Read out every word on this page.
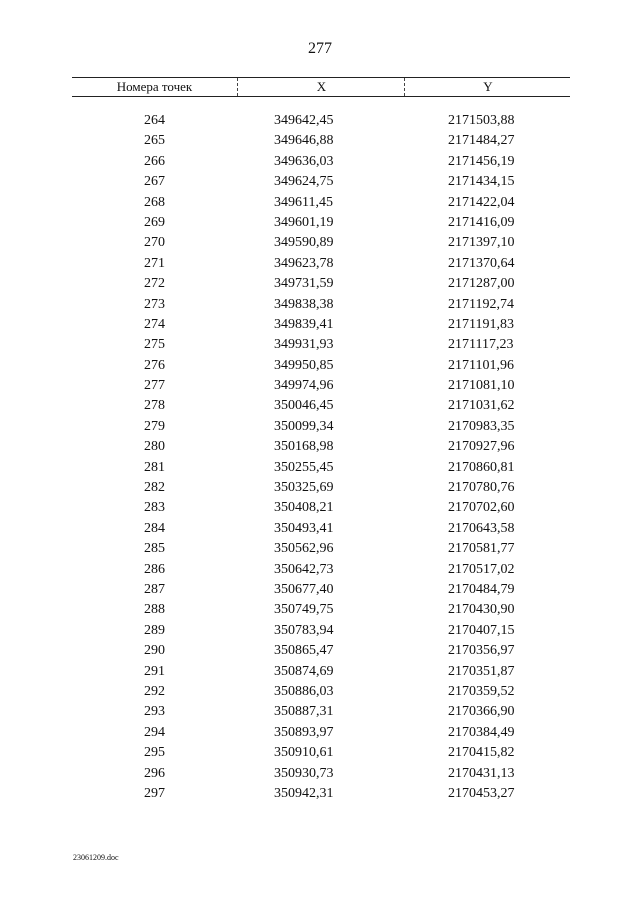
277
Номера точек	X	Y
264	349642,45	2171503,88
265	349646,88	2171484,27
266	349636,03	2171456,19
267	349624,75	2171434,15
268	349611,45	2171422,04
269	349601,19	2171416,09
270	349590,89	2171397,10
271	349623,78	2171370,64
272	349731,59	2171287,00
273	349838,38	2171192,74
274	349839,41	2171191,83
275	349931,93	2171117,23
276	349950,85	2171101,96
277	349974,96	2171081,10
278	350046,45	2171031,62
279	350099,34	2170983,35
280	350168,98	2170927,96
281	350255,45	2170860,81
282	350325,69	2170780,76
283	350408,21	2170702,60
284	350493,41	2170643,58
285	350562,96	2170581,77
286	350642,73	2170517,02
287	350677,40	2170484,79
288	350749,75	2170430,90
289	350783,94	2170407,15
290	350865,47	2170356,97
291	350874,69	2170351,87
292	350886,03	2170359,52
293	350887,31	2170366,90
294	350893,97	2170384,49
295	350910,61	2170415,82
296	350930,73	2170431,13
297	350942,31	2170453,27
23061209.doc
